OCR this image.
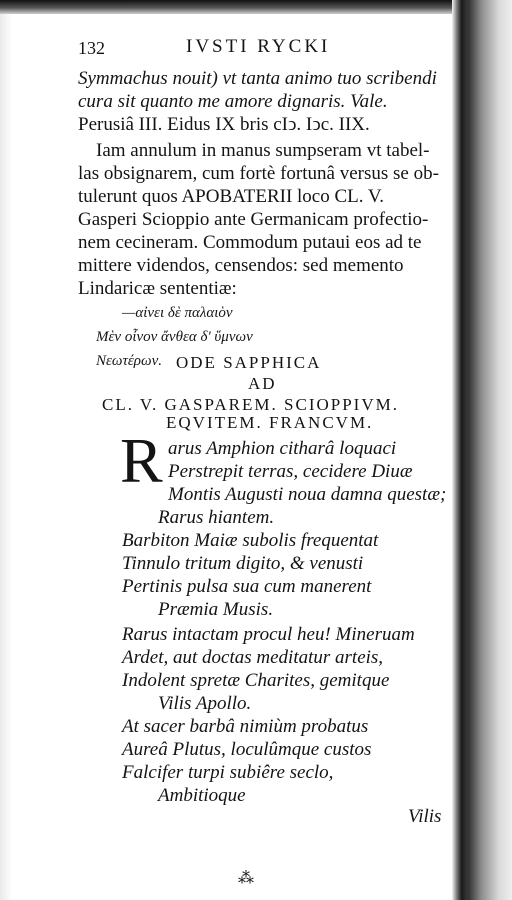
132	IVSTI RYCKI
Symmachus nouit) vt tanta animo tuo scribendi
cura sit quanto me amore dignaris. Vale.
Perusiâ III. Eidus IX bris cIↄ. Iↄc. IIX.
Iam annulum in manus sumpseram vt tabel-
las obsignarem, cum fortè fortunâ versus se ob-
tulerunt quos APOBATERII loco CL. V.
Gasperi Scioppio ante Germanicam profectio-
nem cecineram. Commodum putaui eos ad te
mittere videndos, censendos: sed memento
Lindaricæ sententiæ:
—αἰνει δὲ παλαιὸν
Μὲν οἶνον ἄνθεα δ' ὕμνων
Νεωτέρων. ODE SAPPHICA
AD
CL. V. GASPAREM. SCIOPPIVM.
EQVITEM. FRANCVM.
R arus Amphion citharâ loquaci
Perstrepit terras, cecidere Diuæ
Montis Augusti noua damna questæ;
Rarus hiantem.
Barbiton Maiæ subolis frequentat
Tinnulo tritum digito, & venusti
Pertinis pulsa sua cum manerent
Præmia Musis.
Rarus intactam procul heu! Mineruam
Ardet, aut doctas meditatur arteis,
Indolent spretæ Charites, gemitque
Vilis Apollo.
At sacer barbâ nimiùm probatus
Aureâ Plutus, loculûmque custos
Falcifer turpi subiêre seclo,
Ambitioque
Vilis
⁂
